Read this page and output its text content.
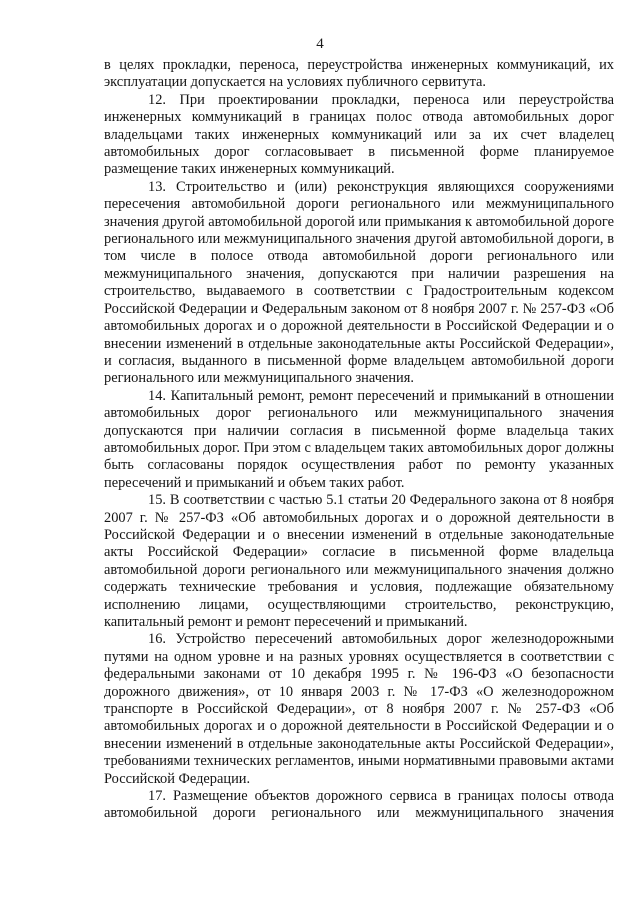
4

в целях прокладки, переноса, переустройства инженерных коммуникаций, их эксплуатации допускается на условиях публичного сервитута.

12. При проектировании прокладки, переноса или переустройства инженерных коммуникаций в границах полос отвода автомобильных дорог владельцами таких инженерных коммуникаций или за их счет владелец автомобильных дорог согласовывает в письменной форме планируемое размещение таких инженерных коммуникаций.

13. Строительство и (или) реконструкция являющихся сооружениями пересечения автомобильной дороги регионального или межмуниципального значения другой автомобильной дорогой или примыкания к автомобильной дороге регионального или межмуниципального значения другой автомобильной дороги, в том числе в полосе отвода автомобильной дороги регионального или межмуниципального значения, допускаются при наличии разрешения на строительство, выдаваемого в соответствии с Градостроительным кодексом Российской Федерации и Федеральным законом от 8 ноября 2007 г. № 257-ФЗ «Об автомобильных дорогах и о дорожной деятельности в Российской Федерации и о внесении изменений в отдельные законодательные акты Российской Федерации», и согласия, выданного в письменной форме владельцем автомобильной дороги регионального или межмуниципального значения.

14. Капитальный ремонт, ремонт пересечений и примыканий в отношении автомобильных дорог регионального или межмуниципального значения допускаются при наличии согласия в письменной форме владельца таких автомобильных дорог. При этом с владельцем таких автомобильных дорог должны быть согласованы порядок осуществления работ по ремонту указанных пересечений и примыканий и объем таких работ.

15. В соответствии с частью 5.1 статьи 20 Федерального закона от 8 ноября 2007 г. № 257-ФЗ «Об автомобильных дорогах и о дорожной деятельности в Российской Федерации и о внесении изменений в отдельные законодательные акты Российской Федерации» согласие в письменной форме владельца автомобильной дороги регионального или межмуниципального значения должно содержать технические требования и условия, подлежащие обязательному исполнению лицами, осуществляющими строительство, реконструкцию, капитальный ремонт и ремонт пересечений и примыканий.

16. Устройство пересечений автомобильных дорог железнодорожными путями на одном уровне и на разных уровнях осуществляется в соответствии с федеральными законами от 10 декабря 1995 г. № 196-ФЗ «О безопасности дорожного движения», от 10 января 2003 г. № 17-ФЗ «О железнодорожном транспорте в Российской Федерации», от 8 ноября 2007 г. № 257-ФЗ «Об автомобильных дорогах и о дорожной деятельности в Российской Федерации и о внесении изменений в отдельные законодательные акты Российской Федерации», требованиями технических регламентов, иными нормативными правовыми актами Российской Федерации.

17. Размещение объектов дорожного сервиса в границах полосы отвода автомобильной дороги регионального или межмуниципального значения
